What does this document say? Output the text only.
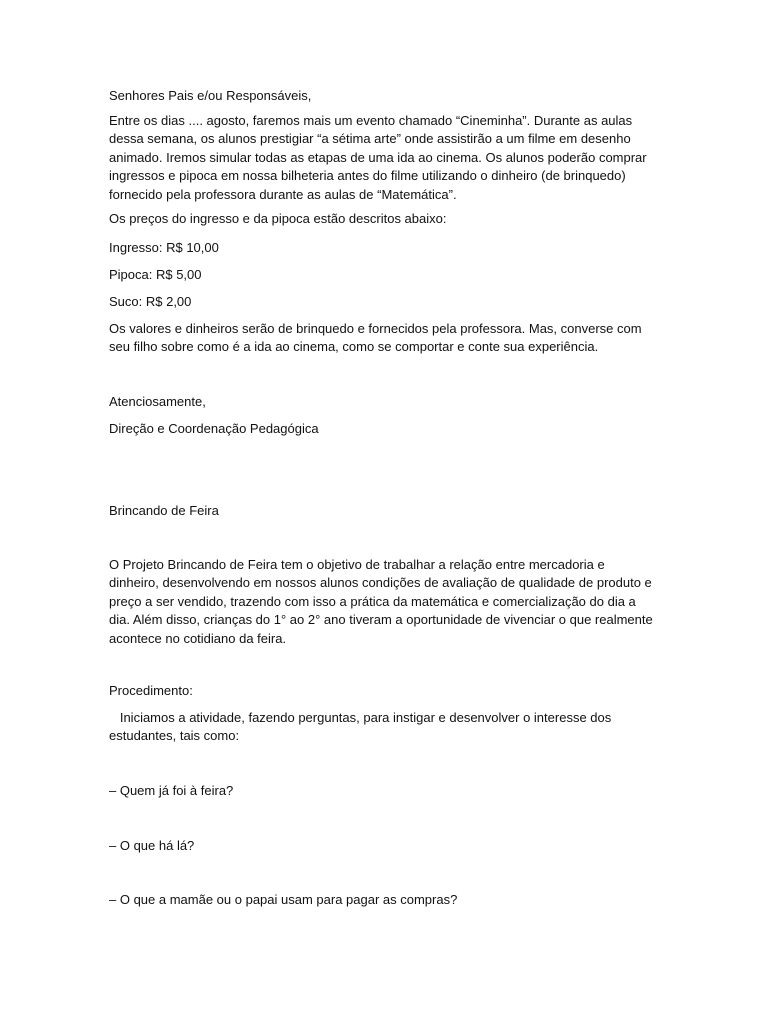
Senhores Pais e/ou Responsáveis,

Entre os dias .... agosto, faremos mais um evento chamado “Cineminha”. Durante as aulas

dessa semana, os alunos prestigiar “a sétima arte” onde assistirão a um filme em desenho

animado. Iremos simular todas as etapas de uma ida ao cinema. Os alunos poderão comprar

ingressos e pipoca em nossa bilheteria antes do filme utilizando o dinheiro (de brinquedo)

fornecido pela professora durante as aulas de “Matemática”.

Os preços do ingresso e da pipoca estão descritos abaixo:
Ingresso: R$ 10,00
Pipoca: R$ 5,00
Suco: R$ 2,00

Os valores e dinheiros serão de brinquedo e fornecidos pela professora. Mas, converse com

seu filho sobre como é a ida ao cinema, como se comportar e conte sua experiência.

Atenciosamente,
Direção e Coordenação Pedagógica
Brincando de Feira

O Projeto Brincando de Feira tem o objetivo de trabalhar a relação entre mercadoria e

dinheiro, desenvolvendo em nossos alunos condições de avaliação de qualidade de produto e

preço a ser vendido, trazendo com isso a prática da matemática e comercialização do dia a

dia. Além disso, crianças do 1° ao 2° ano tiveram a oportunidade de vivenciar o que realmente

acontece no cotidiano da feira.

Procedimento:

Iniciamos a atividade, fazendo perguntas, para instigar e desenvolver o interesse dos

estudantes, tais como:

– Quem já foi à feira?
– O que há lá?
– O que a mamãe ou o papai usam para pagar as compras?
